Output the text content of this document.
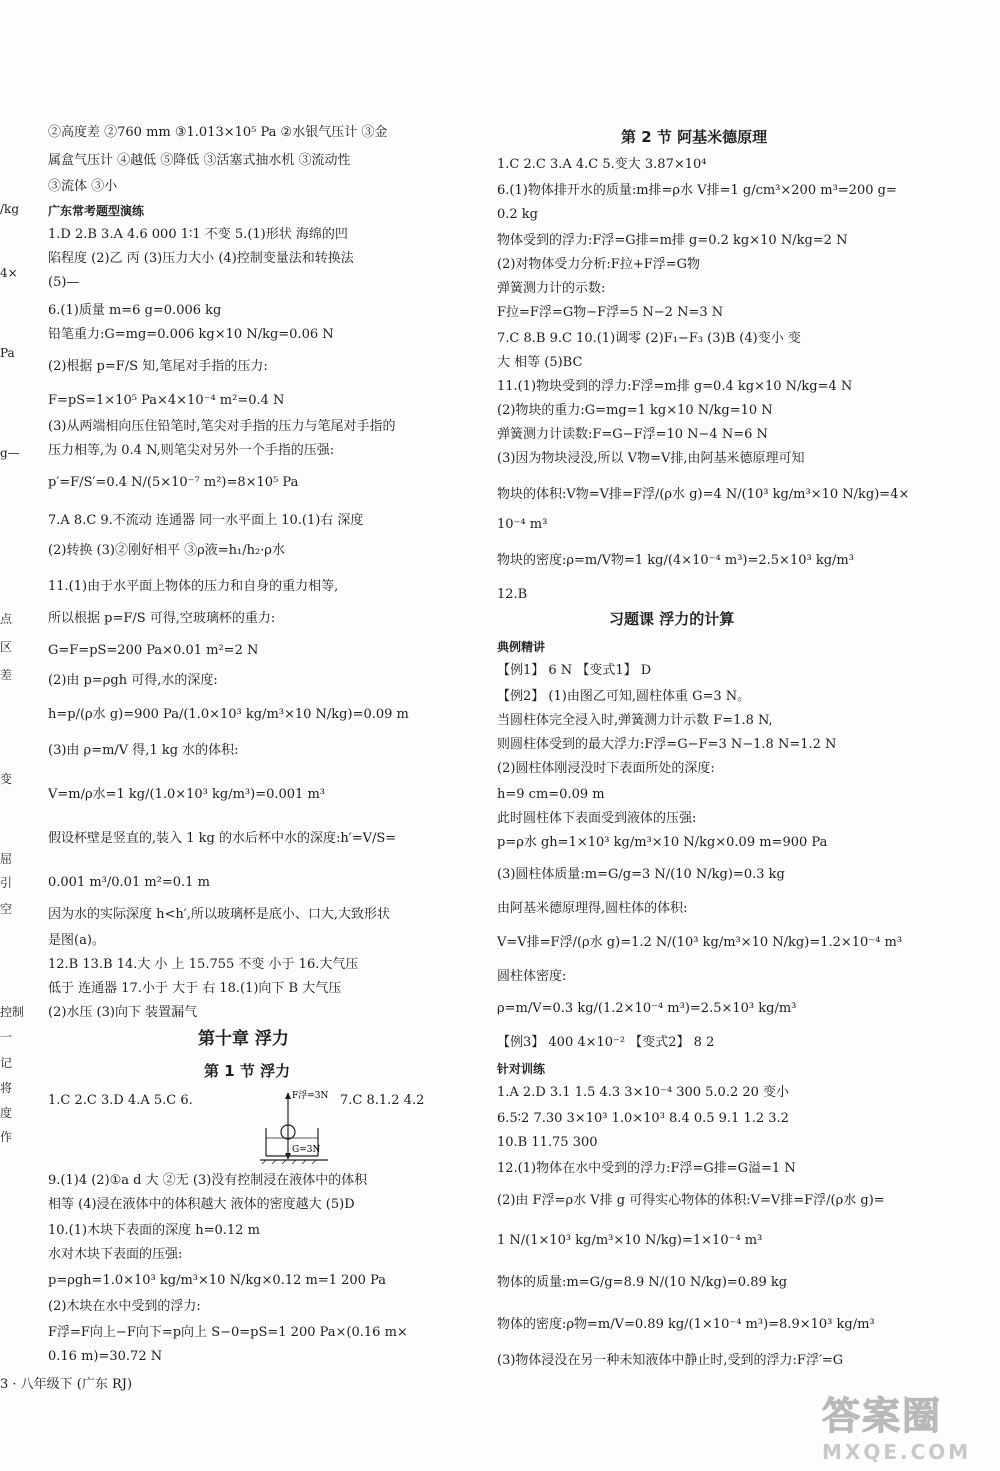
/kg
4×
Pa
g—
点
区
差
变
屈
引
空
控制
一
记
将
度
作
②高度差 ②760 mm ③1.013×10⁵ Pa ②水银气压计 ③金
属盒气压计 ④越低 ⑤降低 ③活塞式抽水机 ③流动性
③流体 ③小
广东常考题型演练
1.D 2.B 3.A 4.6 000 1∶1 不变 5.(1)形状 海绵的凹
陷程度 (2)乙 丙 (3)压力大小 (4)控制变量法和转换法
(5)—
6.(1)质量 m=6 g=0.006 kg
铅笔重力:G=mg=0.006 kg×10 N/kg=0.06 N
(2)根据 p=F/S 知,笔尾对手指的压力:
F=pS=1×10⁵ Pa×4×10⁻⁴ m²=0.4 N
(3)从两端相向压住铅笔时,笔尖对手指的压力与笔尾对手指的
压力相等,为 0.4 N,则笔尖对另外一个手指的压强:
p′=F/S′=0.4 N/(5×10⁻⁷ m²)=8×10⁵ Pa
7.A 8.C 9.不流动 连通器 同一水平面上 10.(1)右 深度
(2)转换 (3)②刚好相平 ③ρ液=h₁/h₂·ρ水
11.(1)由于水平面上物体的压力和自身的重力相等,
所以根据 p=F/S 可得,空玻璃杯的重力:
G=F=pS=200 Pa×0.01 m²=2 N
(2)由 p=ρgh 可得,水的深度:
h=p/(ρ水 g)=900 Pa/(1.0×10³ kg/m³×10 N/kg)=0.09 m
(3)由 ρ=m/V 得,1 kg 水的体积:
V=m/ρ水=1 kg/(1.0×10³ kg/m³)=0.001 m³
假设杯壁是竖直的,装入 1 kg 的水后杯中水的深度:h′=V/S=
0.001 m³/0.01 m²=0.1 m
因为水的实际深度 h<h′,所以玻璃杯是底小、口大,大致形状
是图(a)。
12.B 13.B 14.大 小 上 15.755 不变 小于 16.大气压
低于 连通器 17.小于 大于 右 18.(1)向下 B 大气压
(2)水压 (3)向下 装置漏气
第十章 浮力
第 1 节 浮力
1.C 2.C 3.D 4.A 5.C 6.	F浮=3N
G=3N
7.C 8.1.2 4.2
9.(1)4 (2)①a d 大 ②无 (3)没有控制浸在液体中的体积
相等 (4)浸在液体中的体积越大 液体的密度越大 (5)D
10.(1)木块下表面的深度 h=0.12 m
水对木块下表面的压强:
p=ρgh=1.0×10³ kg/m³×10 N/kg×0.12 m=1 200 Pa
(2)木块在水中受到的浮力:
F浮=F向上−F向下=p向上 S−0=pS=1 200 Pa×(0.16 m×
0.16 m)=30.72 N
3 · 八年级下 (广东 RJ)
第 2 节 阿基米德原理
1.C 2.C 3.A 4.C 5.变大 3.87×10⁴
6.(1)物体排开水的质量:m排=ρ水 V排=1 g/cm³×200 m³=200 g=
0.2 kg
物体受到的浮力:F浮=G排=m排 g=0.2 kg×10 N/kg=2 N
(2)对物体受力分析:F拉+F浮=G物
弹簧测力计的示数:
F拉=F浮=G物−F浮=5 N−2 N=3 N
7.C 8.B 9.C 10.(1)调零 (2)F₁−F₃ (3)B (4)变小 变
大 相等 (5)BC
11.(1)物块受到的浮力:F浮=m排 g=0.4 kg×10 N/kg=4 N
(2)物块的重力:G=mg=1 kg×10 N/kg=10 N
弹簧测力计读数:F=G−F浮=10 N−4 N=6 N
(3)因为物块浸没,所以 V物=V排,由阿基米德原理可知
物块的体积:V物=V排=F浮/(ρ水 g)=4 N/(10³ kg/m³×10 N/kg)=4×
10⁻⁴ m³
物块的密度:ρ=m/V物=1 kg/(4×10⁻⁴ m³)=2.5×10³ kg/m³
12.B
习题课 浮力的计算
典例精讲
【例1】 6 N 【变式1】 D
【例2】 (1)由图乙可知,圆柱体重 G=3 N。
当圆柱体完全浸入时,弹簧测力计示数 F=1.8 N,
则圆柱体受到的最大浮力:F浮=G−F=3 N−1.8 N=1.2 N
(2)圆柱体刚浸没时下表面所处的深度:
h=9 cm=0.09 m
此时圆柱体下表面受到液体的压强:
p=ρ水 gh=1×10³ kg/m³×10 N/kg×0.09 m=900 Pa
(3)圆柱体质量:m=G/g=3 N/(10 N/kg)=0.3 kg
由阿基米德原理得,圆柱体的体积:
V=V排=F浮/(ρ水 g)=1.2 N/(10³ kg/m³×10 N/kg)=1.2×10⁻⁴ m³
圆柱体密度:
ρ=m/V=0.3 kg/(1.2×10⁻⁴ m³)=2.5×10³ kg/m³
【例3】 400 4×10⁻² 【变式2】 8 2
针对训练
1.A 2.D 3.1 1.5 4.3 3×10⁻⁴ 300 5.0.2 20 变小
6.5∶2 7.30 3×10³ 1.0×10³ 8.4 0.5 9.1 1.2 3.2
10.B 11.75 300
12.(1)物体在水中受到的浮力:F浮=G排=G溢=1 N
(2)由 F浮=ρ水 V排 g 可得实心物体的体积:V=V排=F浮/(ρ水 g)=
1 N/(1×10³ kg/m³×10 N/kg)=1×10⁻⁴ m³
物体的质量:m=G/g=8.9 N/(10 N/kg)=0.89 kg
物体的密度:ρ物=m/V=0.89 kg/(1×10⁻⁴ m³)=8.9×10³ kg/m³
(3)物体浸没在另一种未知液体中静止时,受到的浮力:F浮′=G
答案圈
MXQE.COM
